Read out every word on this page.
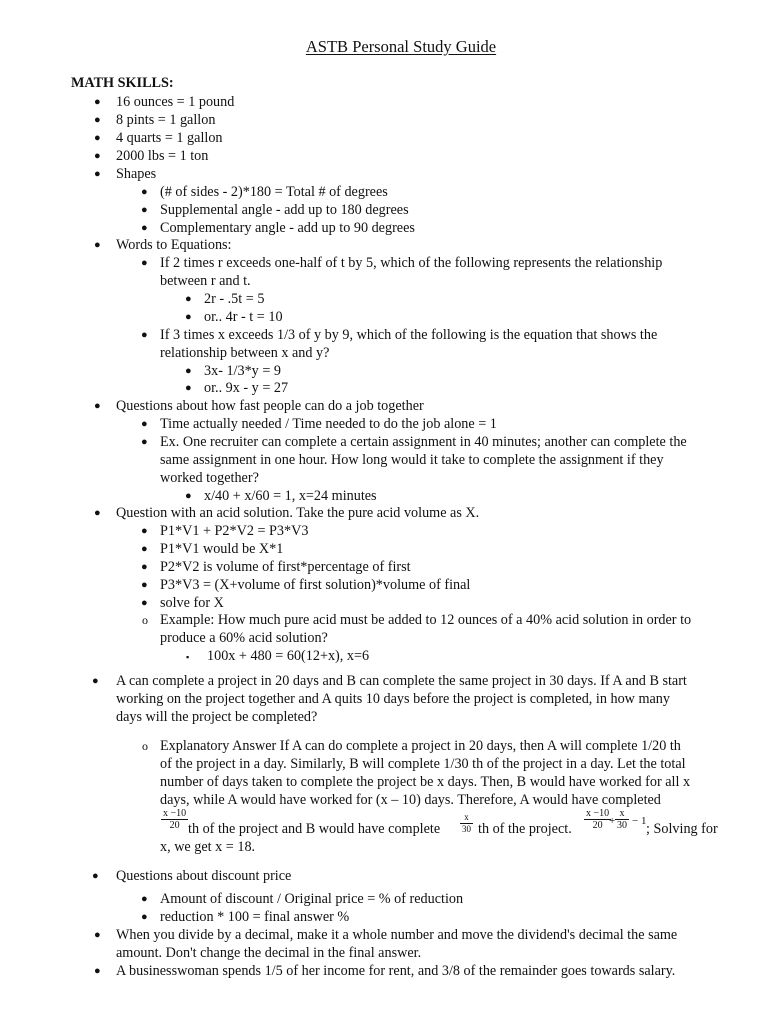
ASTB Personal Study Guide

MATH SKILLS:

● 16 ounces = 1 pound

● 8 pints = 1 gallon

● 4 quarts = 1 gallon

● 2000 lbs = 1 ton

● Shapes

● (# of sides - 2)*180 = Total # of degrees

● Supplemental angle - add up to 180 degrees

● Complementary angle - add up to 90 degrees

● Words to Equations:

● If 2 times r exceeds one-half of t by 5, which of the following represents the relationship

between r and t.

● 2r - .5t = 5

● or.. 4r - t = 10

● If 3 times x exceeds 1/3 of y by 9, which of the following is the equation that shows the

relationship between x and y?

● 3x- 1/3*y = 9

● or.. 9x - y = 27

● Questions about how fast people can do a job together

● Time actually needed / Time needed to do the job alone = 1

● Ex. One recruiter can complete a certain assignment in 40 minutes; another can complete the

same assignment in one hour. How long would it take to complete the assignment if they

worked together?

● x/40 + x/60 = 1, x=24 minutes

● Question with an acid solution. Take the pure acid volume as X.

● P1*V1 + P2*V2 = P3*V3

● P1*V1 would be X*1

● P2*V2 is volume of first*percentage of first

● P3*V3 = (X+volume of first solution)*volume of final

● solve for X

o Example: How much pure acid must be added to 12 ounces of a 40% acid solution in order to

produce a 60% acid solution?

▪ 100x + 480 = 60(12+x), x=6

● A can complete a project in 20 days and B can complete the same project in 30 days. If A and B start

working on the project together and A quits 10 days before the project is completed, in how many

days will the project be completed?

o Explanatory Answer If A can do complete a project in 20 days, then A will complete 1/20 th

of the project in a day. Similarly, B will complete 1/30 th of the project in a day. Let the total

number of days taken to complete the project be x days. Then, B would have worked for all x

days, while A would have worked for (x – 10) days. Therefore, A would have completed

$\frac{x -10}{20}$ th of the project and B would have complete $\frac{x}{30}$ th of the project. $\frac{x -10}{20}$
+ $\frac{x}{30} - 1$ ; Solving for

x, we get x = 18.

● Questions about discount price

● Amount of discount / Original price = % of reduction

● reduction * 100 = final answer %

● When you divide by a decimal, make it a whole number and move the dividend's decimal the same

amount. Don't change the decimal in the final answer.

● A businesswoman spends 1/5 of her income for rent, and 3/8 of the remainder goes towards salary.
